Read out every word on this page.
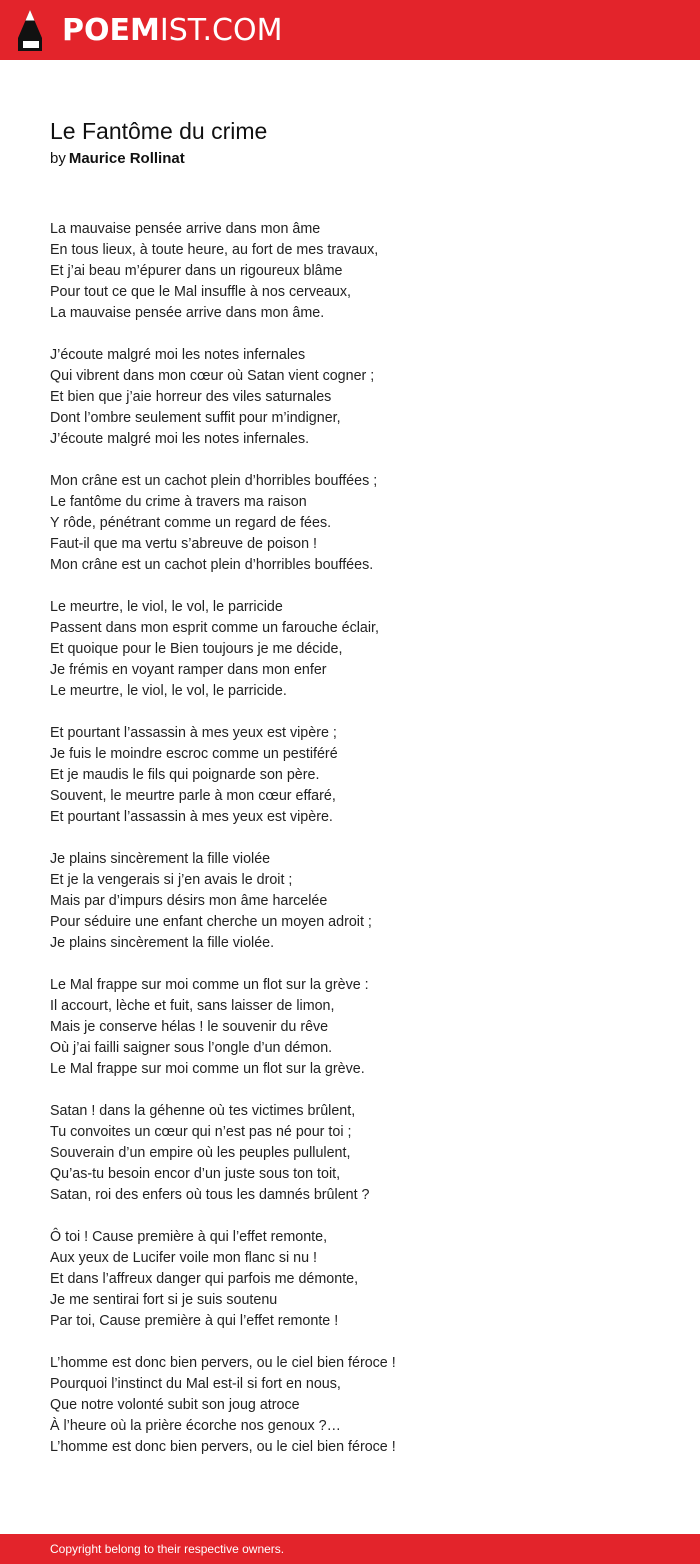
POEMIST.COM
Le Fantôme du crime
by Maurice Rollinat
La mauvaise pensée arrive dans mon âme
En tous lieux, à toute heure, au fort de mes travaux,
Et j’ai beau m’épurer dans un rigoureux blâme
Pour tout ce que le Mal insuffle à nos cerveaux,
La mauvaise pensée arrive dans mon âme.
J’écoute malgré moi les notes infernales
Qui vibrent dans mon cœur où Satan vient cogner ;
Et bien que j’aie horreur des viles saturnales
Dont l’ombre seulement suffit pour m’indigner,
J’écoute malgré moi les notes infernales.
Mon crâne est un cachot plein d’horribles bouffées ;
Le fantôme du crime à travers ma raison
Y rôde, pénétrant comme un regard de fées.
Faut-il que ma vertu s’abreuve de poison !
Mon crâne est un cachot plein d’horribles bouffées.
Le meurtre, le viol, le vol, le parricide
Passent dans mon esprit comme un farouche éclair,
Et quoique pour le Bien toujours je me décide,
Je frémis en voyant ramper dans mon enfer
Le meurtre, le viol, le vol, le parricide.
Et pourtant l’assassin à mes yeux est vipère ;
Je fuis le moindre escroc comme un pestiféré
Et je maudis le fils qui poignarde son père.
Souvent, le meurtre parle à mon cœur effaré,
Et pourtant l’assassin à mes yeux est vipère.
Je plains sincèrement la fille violée
Et je la vengerais si j’en avais le droit ;
Mais par d’impurs désirs mon âme harcelée
Pour séduire une enfant cherche un moyen adroit ;
Je plains sincèrement la fille violée.
Le Mal frappe sur moi comme un flot sur la grève :
Il accourt, lèche et fuit, sans laisser de limon,
Mais je conserve hélas ! le souvenir du rêve
Où j’ai failli saigner sous l’ongle d’un démon.
Le Mal frappe sur moi comme un flot sur la grève.
Satan ! dans la géhenne où tes victimes brûlent,
Tu convoites un cœur qui n’est pas né pour toi ;
Souverain d’un empire où les peuples pullulent,
Qu’as-tu besoin encor d’un juste sous ton toit,
Satan, roi des enfers où tous les damnés brûlent ?
Ô toi ! Cause première à qui l’effet remonte,
Aux yeux de Lucifer voile mon flanc si nu !
Et dans l’affreux danger qui parfois me démonte,
Je me sentirai fort si je suis soutenu
Par toi, Cause première à qui l’effet remonte !
L’homme est donc bien pervers, ou le ciel bien féroce !
Pourquoi l’instinct du Mal est-il si fort en nous,
Que notre volonté subit son joug atroce
À l’heure où la prière écorche nos genoux ?…
L’homme est donc bien pervers, ou le ciel bien féroce !
Copyright belong to their respective owners.
